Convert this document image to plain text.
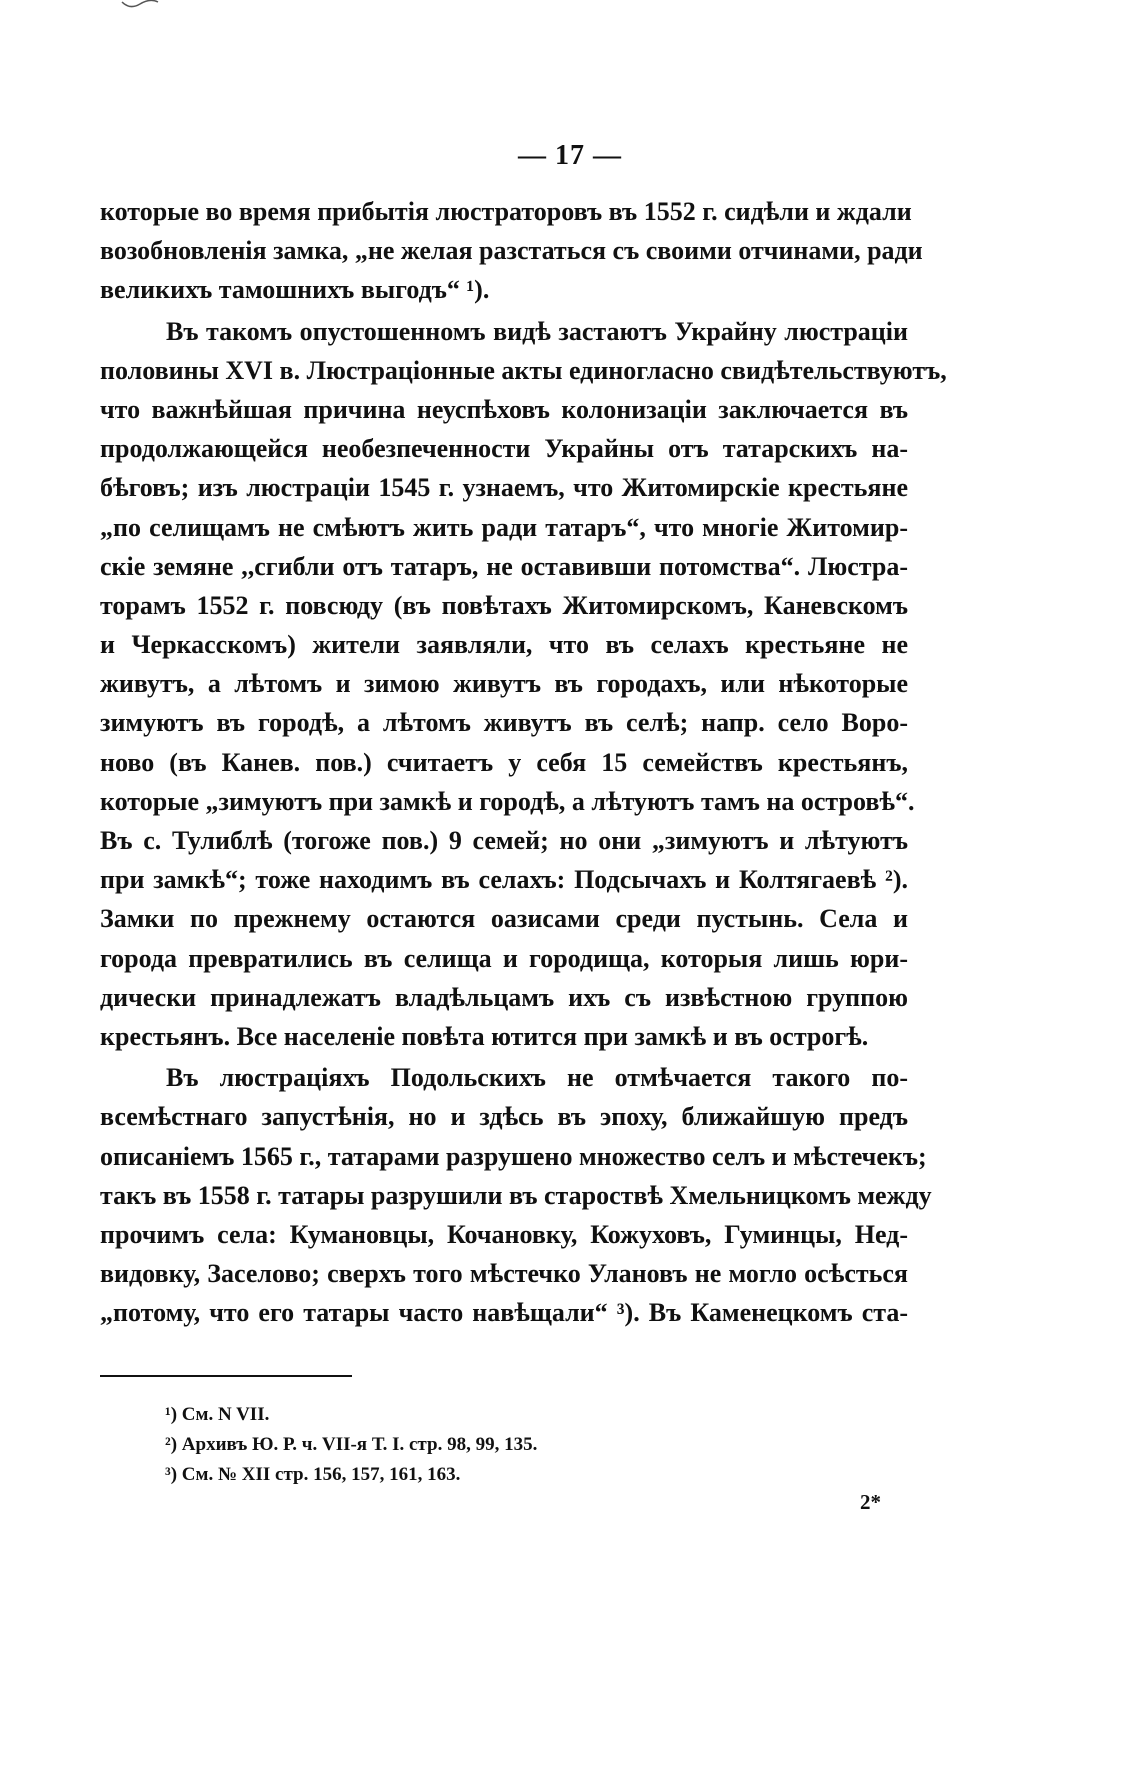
— 17 —
которые во время прибытія люстраторовъ въ 1552 г. сидѣли и ждали
возобновленія замка, „не желая разстаться съ своими отчинами, ради
великихъ тамошнихъ выгодъ“ ¹).
Въ такомъ опустошенномъ видѣ застаютъ Украйну люстраціи
половины XVI в. Люстраціонные акты единогласно свидѣтельствуютъ,
что важнѣйшая причина неуспѣховъ колонизаціи заключается въ
продолжающейся необезпеченности Украйны отъ татарскихъ на-
бѣговъ; изъ люстраціи 1545 г. узнаемъ, что Житомирскіе крестьяне
„по селищамъ не смѣютъ жить ради татаръ“, что многіе Житомир-
скіе земяне ,,сгибли отъ татаръ, не оставивши потомства“. Люстра-
торамъ 1552 г. повсюду (въ повѣтахъ Житомирскомъ, Каневскомъ
и Черкасскомъ) жители заявляли, что въ селахъ крестьяне не
живутъ, а лѣтомъ и зимою живутъ въ городахъ, или нѣкоторые
зимуютъ въ городѣ, а лѣтомъ живутъ въ селѣ; напр. село Воро-
ново (въ Канев. пов.) считаетъ у себя 15 семействъ крестьянъ,
которые „зимуютъ при замкѣ и городѣ, а лѣтуютъ тамъ на островѣ“.
Въ с. Тулиблѣ (тогоже пов.) 9 семей; но они „зимуютъ и лѣтуютъ
при замкѣ“; тоже находимъ въ селахъ: Подсычахъ и Колтягаевѣ ²).
Замки по прежнему остаются оазисами среди пустынь. Села и
города превратились въ селища и городища, которыя лишь юри-
дически принадлежатъ владѣльцамъ ихъ съ извѣстною группою
крестьянъ. Все населеніе повѣта ютится при замкѣ и въ острогѣ.
Въ люстраціяхъ Подольскихъ не отмѣчается такого по-
всемѣстнаго запустѣнія, но и здѣсь въ эпоху, ближайшую предъ
описаніемъ 1565 г., татарами разрушено множество селъ и мѣстечекъ;
такъ въ 1558 г. татары разрушили въ староствѣ Хмельницкомъ между
прочимъ села: Кумановцы, Кочановку, Кожуховъ, Гуминцы, Нед-
видовку, Заселово; сверхъ того мѣстечко Улановъ не могло осѣсться
„потому, что его татары часто навѣщали“ ³). Въ Каменецкомъ ста-
¹) См. N VII.
²) Архивъ Ю. Р. ч. VII-я Т. I. стр. 98, 99, 135.
³) См. № XII стр. 156, 157, 161, 163.
2*
